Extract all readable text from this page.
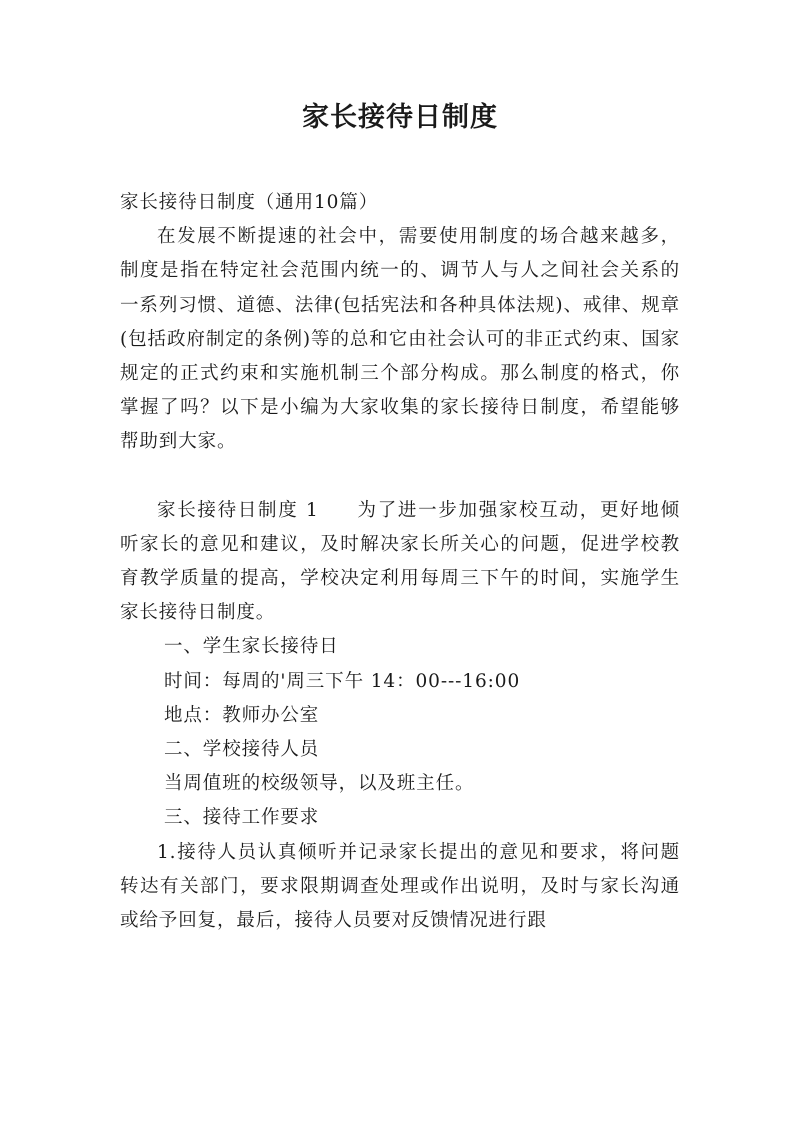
家长接待日制度

家长接待日制度（通用10篇）

在发展不断提速的社会中，需要使用制度的场合越来越多，制度是指在特定社会范围内统一的、调节人与人之间社会关系的一系列习惯、道德、法律(包括宪法和各种具体法规)、戒律、规章(包括政府制定的条例)等的总和它由社会认可的非正式约束、国家规定的正式约束和实施机制三个部分构成。那么制度的格式，你掌握了吗？以下是小编为大家收集的家长接待日制度，希望能够帮助到大家。

家长接待日制度 1 为了进一步加强家校互动，更好地倾听家长的意见和建议，及时解决家长所关心的问题，促进学校教育教学质量的提高，学校决定利用每周三下午的时间，实施学生家长接待日制度。

一、学生家长接待日

时间：每周的'周三下午 14：00---16:00

地点：教师办公室

二、学校接待人员

当周值班的校级领导，以及班主任。

三、接待工作要求

1.接待人员认真倾听并记录家长提出的意见和要求，将问题转达有关部门，要求限期调查处理或作出说明，及时与家长沟通或给予回复，最后，接待人员要对反馈情况进行跟
